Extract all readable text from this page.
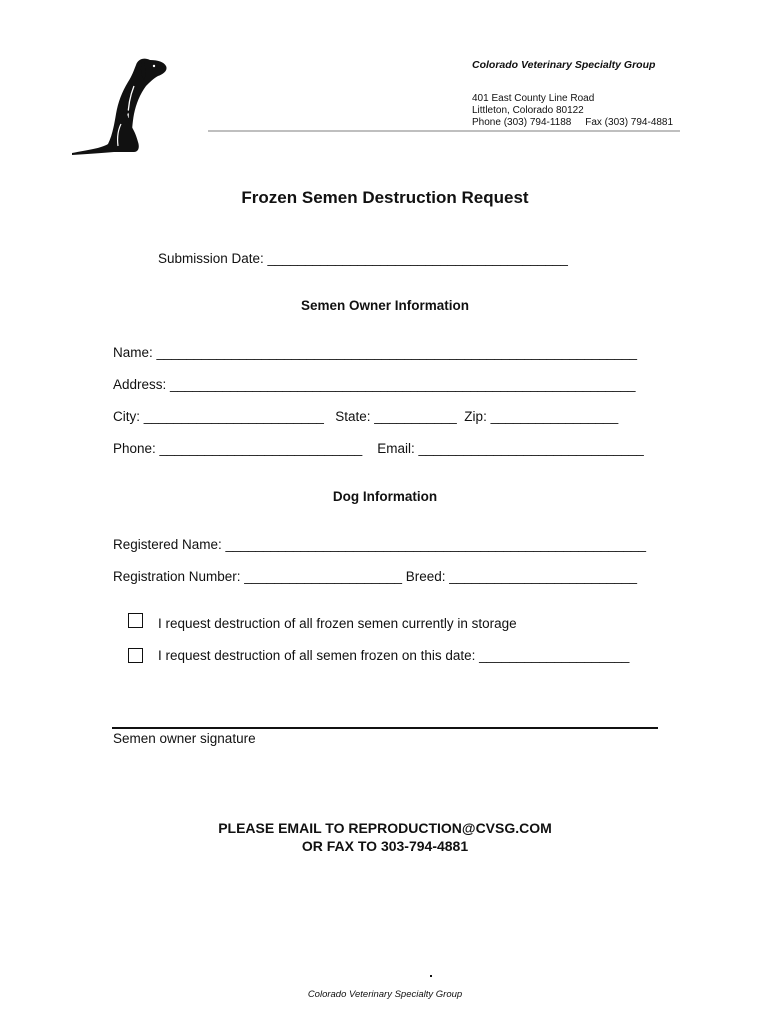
Colorado Veterinary Specialty Group
401 East County Line Road
Littleton, Colorado 80122
Phone (303) 794-1188     Fax (303) 794-4881
Frozen Semen Destruction Request
Submission Date: ________________________________________
Semen Owner Information
Name: ________________________________________________________________
Address: ______________________________________________________________
City: ________________________   State: ___________  Zip: _________________
Phone: ___________________________    Email: ______________________________
Dog Information
Registered Name: ________________________________________________________
Registration Number: _____________________ Breed: _________________________
I request destruction of all frozen semen currently in storage
I request destruction of all semen frozen on this date: ____________________
Semen owner signature
PLEASE EMAIL TO REPRODUCTION@CVSG.COM
OR FAX TO 303-794-4881
Colorado Veterinary Specialty Group
